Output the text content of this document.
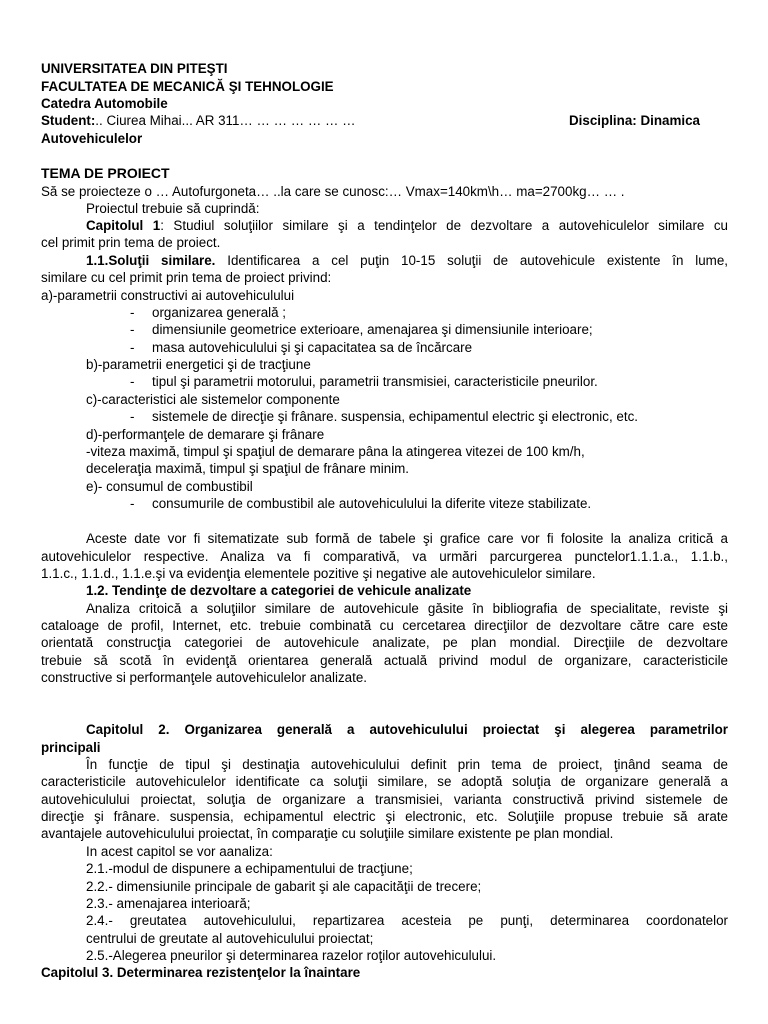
UNIVERSITATEA DIN PITEŞTI
FACULTATEA DE MECANICĂ ŞI TEHNOLOGIE
Catedra Automobile
Student:.. Ciurea Mihai... AR 311… … … … … … …	Disciplina: Dinamica
Autovehiculelor
TEMA DE PROIECT
Să se proiecteze o … Autofurgoneta… ..la care se cunosc:… Vmax=140km\h… ma=2700kg… … .
Proiectul trebuie să cuprindă:
Capitolul 1: Studiul soluţiilor similare şi a tendinţelor de dezvoltare a autovehiculelor similare cu
cel primit prin tema de proiect.
1.1.Soluţii similare. Identificarea a cel puţin 10-15 soluţii de autovehicule existente în lume,
similare cu cel primit prin tema de proiect privind:
a)-parametrii constructivi ai autovehiculului
-	organizarea generală ;
-	dimensiunile geometrice exterioare, amenajarea şi dimensiunile interioare;
-	masa autovehiculului şi şi capacitatea sa de încărcare
b)-parametrii energetici şi de tracţiune
-	tipul şi parametrii motorului, parametrii transmisiei, caracteristicile pneurilor.
c)-caracteristici ale sistemelor componente
-	sistemele de direcţie şi frânare. suspensia, echipamentul electric şi electronic, etc.
d)-performanţele de demarare şi frânare
-viteza maximă, timpul şi spaţiul de demarare pâna la atingerea vitezei de 100 km/h,
deceleraţia maximă, timpul şi spaţiul de frânare minim.
e)- consumul de combustibil
-	consumurile de combustibil ale autovehiculului la diferite viteze stabilizate.
Aceste date vor fi sitematizate sub formă de tabele şi grafice care vor fi folosite la analiza critică a
autovehiculelor respective. Analiza va fi comparativă, va urmări parcurgerea punctelor1.1.1.a., 1.1.b.,
1.1.c., 1.1.d., 1.1.e.şi va evidenţia elementele pozitive şi negative ale autovehiculelor similare.
1.2. Tendinţe de dezvoltare a categoriei de vehicule analizate
Analiza critoică a soluţiilor similare de autovehicule găsite în bibliografia de specialitate, reviste şi
cataloage de profil, Internet, etc. trebuie combinată cu cercetarea direcţiilor de dezvoltare către care este
orientată construcţia categoriei de autovehicule analizate, pe plan mondial. Direcţiile de dezvoltare
trebuie să scotă în evidenţă orientarea generală actuală privind modul de organizare, caracteristicile
constructive si performanţele autovehiculelor analizate.
Capitolul 2. Organizarea generală a autovehiculului proiectat şi alegerea parametrilor
principali
În funcţie de tipul şi destinaţia autovehiculului definit prin tema de proiect, ţinând seama de
caracteristicile autovehiculelor identificate ca soluţii similare, se adoptă soluţia de organizare generală a
autovehiculului proiectat, soluţia de organizare a transmisiei, varianta constructivă privind sistemele de
direcţie şi frânare. suspensia, echipamentul electric şi electronic, etc. Soluţiile propuse trebuie să arate
avantajele autovehiculului proiectat, în comparaţie cu soluţiile similare existente pe plan mondial.
In acest capitol se vor aanaliza:
2.1.-modul de dispunere a echipamentului de tracţiune;
2.2.- dimensiunile principale de gabarit şi ale capacităţii de trecere;
2.3.- amenajarea interioară;
2.4.- greutatea autovehiculului, repartizarea acesteia pe punţi, determinarea coordonatelor
centrului de greutate al autovehiculului proiectat;
2.5.-Alegerea pneurilor şi determinarea razelor roţilor autovehiculului.
Capitolul 3. Determinarea rezistenţelor la înaintare
